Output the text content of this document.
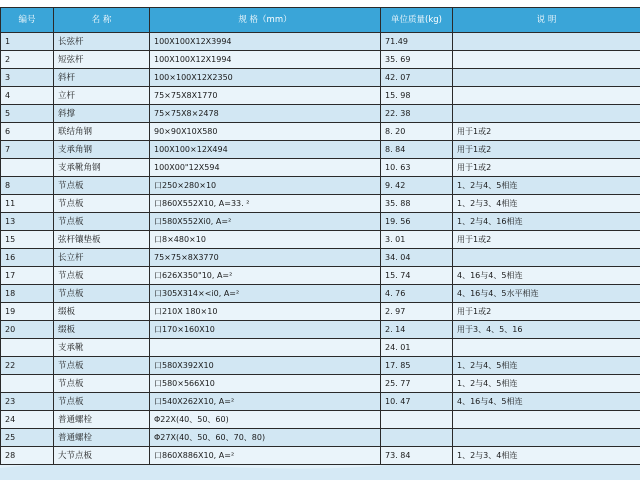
编号	名 称	规 格（mm）	单位质量(kg)	说 明
1	长弦杆	100X100X12X3994	71.49	
2	短弦杆	100X100X12X1994	35. 69	
3	斜杆	100×100X12X2350	42. 07	
4	立杆	75×75X8X1770	15. 98	
5	斜撑	75×75X8×2478	22. 38	
6	联结角钢	90×90X10X580	8. 20	用于1或2
7	支承角钢	100X100×12X494	8. 84	用于1或2
	支承靴角钢	100X00"12X594	10. 63	用于1或2
8	节点板	口250×280×10	9. 42	1、2与4、5相连
11	节点板	口860X552X10, A=33. ²	35. 88	1、2与3、4相连
13	节点板	口580X552Xi0, A=²	19. 56	1、2与4、16相连
15	弦杆镶垫板	口8×480×10	3. 01	用于1或2
16	长立杆	75×75×8X3770	34. 04	
17	节点板	口626X350"10, A=²	15. 74	4、16与4、5相连
18	节点板	口305X314×<i0, A=²	4. 76	4、16与4、5水平相连
19	缀板	口210X 180×10	2. 97	用于1或2
20	缀板	口170×160X10	2. 14	用于3、4、5、16
	支承靴		24. 01	
22	节点板	口580X392X10	17. 85	1、2与4、5相连
	节点板	口580×566X10	25. 77	1、2与4、5相连
23	节点板	口540X262X10, A=²	10. 47	4、16与4、5相连
24	普通螺栓	Φ22X(40、50、60)		
25	普通螺栓	Φ27X(40、50、60、70、80)		
28	大节点板	口860X886X10, A=²	73. 84	1、2与3、4相连
